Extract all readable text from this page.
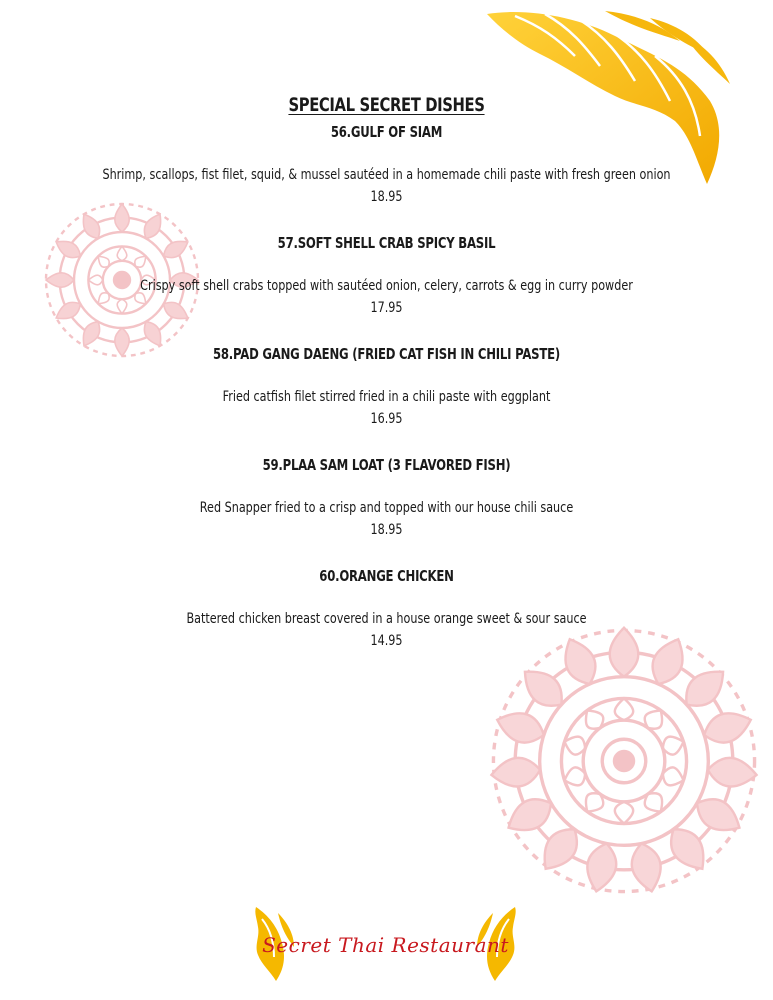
SPECIAL SECRET DISHES
56.GULF OF SIAM
Shrimp, scallops, fist filet, squid, & mussel sautéed in a homemade chili paste with fresh green onion
18.95
57.SOFT SHELL CRAB SPICY BASIL
Crispy soft shell crabs topped with sautéed onion, celery, carrots & egg in curry powder
17.95
58.PAD GANG DAENG (FRIED CAT FISH IN CHILI PASTE)
Fried catfish filet stirred fried in a chili paste with eggplant
16.95
59.PLAA SAM LOAT (3 FLAVORED FISH)
Red Snapper fried to a crisp and topped with our house chili sauce
18.95
60.ORANGE CHICKEN
Battered chicken breast covered in a house orange sweet & sour sauce
14.95
Secret Thai Restaurant
